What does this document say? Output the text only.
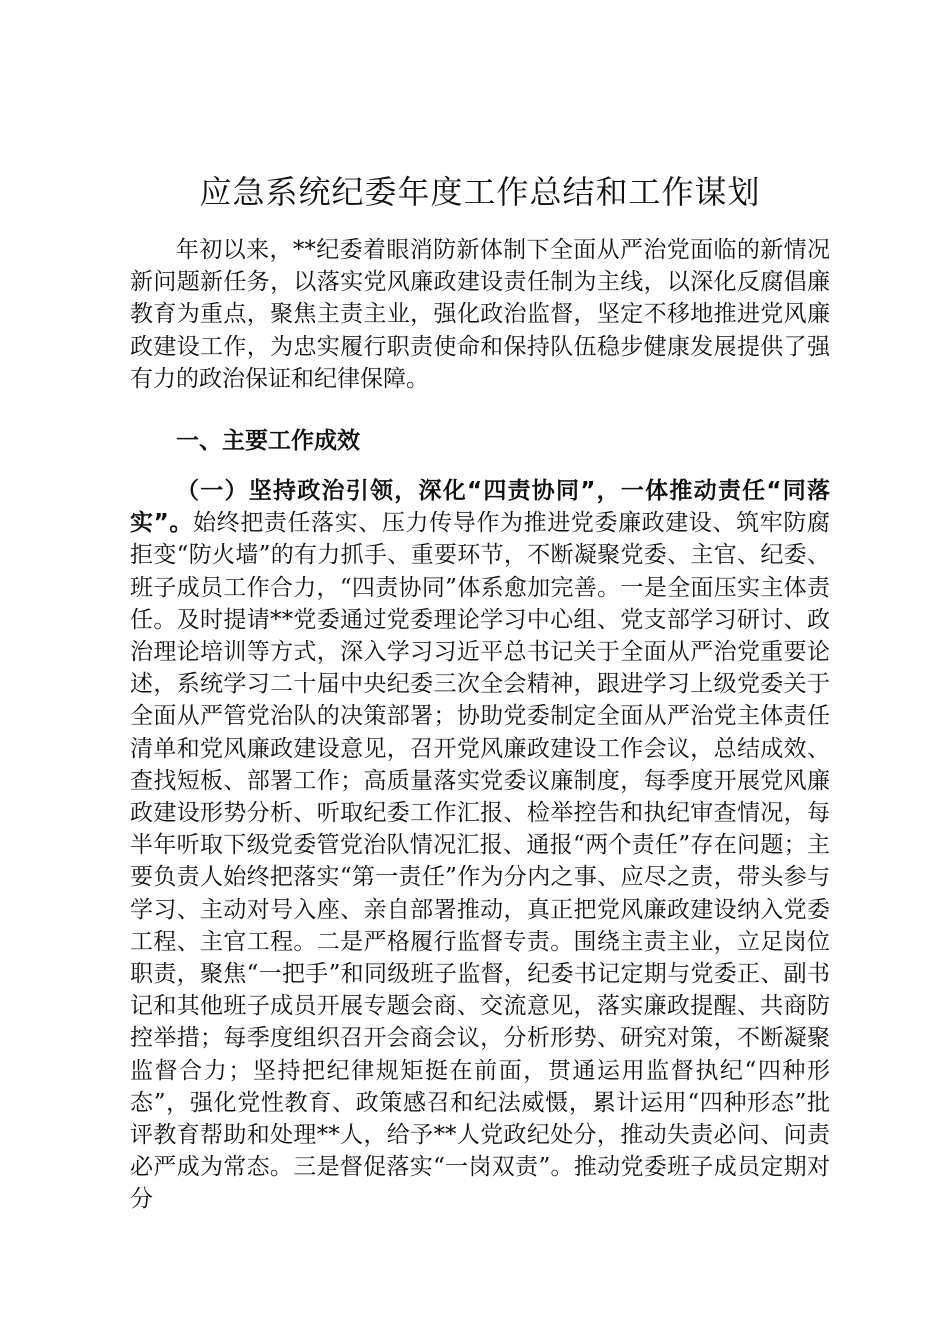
应急系统纪委年度工作总结和工作谋划

年初以来，**纪委着眼消防新体制下全面从严治党面临的新情况新问题新任务，以落实党风廉政建设责任制为主线，以深化反腐倡廉教育为重点，聚焦主责主业，强化政治监督，坚定不移地推进党风廉政建设工作，为忠实履行职责使命和保持队伍稳步健康发展提供了强有力的政治保证和纪律保障。

一、主要工作成效

（一）坚持政治引领，深化“四责协同”，一体推动责任“同落实”。始终把责任落实、压力传导作为推进党委廉政建设、筑牢防腐拒变“防火墙”的有力抓手、重要环节，不断凝聚党委、主官、纪委、班子成员工作合力，“四责协同”体系愈加完善。一是全面压实主体责任。及时提请**党委通过党委理论学习中心组、党支部学习研讨、政治理论培训等方式，深入学习习近平总书记关于全面从严治党重要论述，系统学习二十届中央纪委三次全会精神，跟进学习上级党委关于全面从严管党治队的决策部署；协助党委制定全面从严治党主体责任清单和党风廉政建设意见，召开党风廉政建设工作会议，总结成效、查找短板、部署工作；高质量落实党委议廉制度，每季度开展党风廉政建设形势分析、听取纪委工作汇报、检举控告和执纪审查情况，每半年听取下级党委管党治队情况汇报、通报“两个责任”存在问题；主要负责人始终把落实“第一责任”作为分内之事、应尽之责，带头参与学习、主动对号入座、亲自部署推动，真正把党风廉政建设纳入党委工程、主官工程。二是严格履行监督专责。围绕主责主业，立足岗位职责，聚焦“一把手”和同级班子监督，纪委书记定期与党委正、副书记和其他班子成员开展专题会商、交流意见，落实廉政提醒、共商防控举措；每季度组织召开会商会议，分析形势、研究对策，不断凝聚监督合力；坚持把纪律规矩挺在前面，贯通运用监督执纪“四种形态”，强化党性教育、政策感召和纪法威慑，累计运用“四种形态”批评教育帮助和处理**人，给予**人党政纪处分，推动失责必问、问责必严成为常态。三是督促落实“一岗双责”。推动党委班子成员定期对分
